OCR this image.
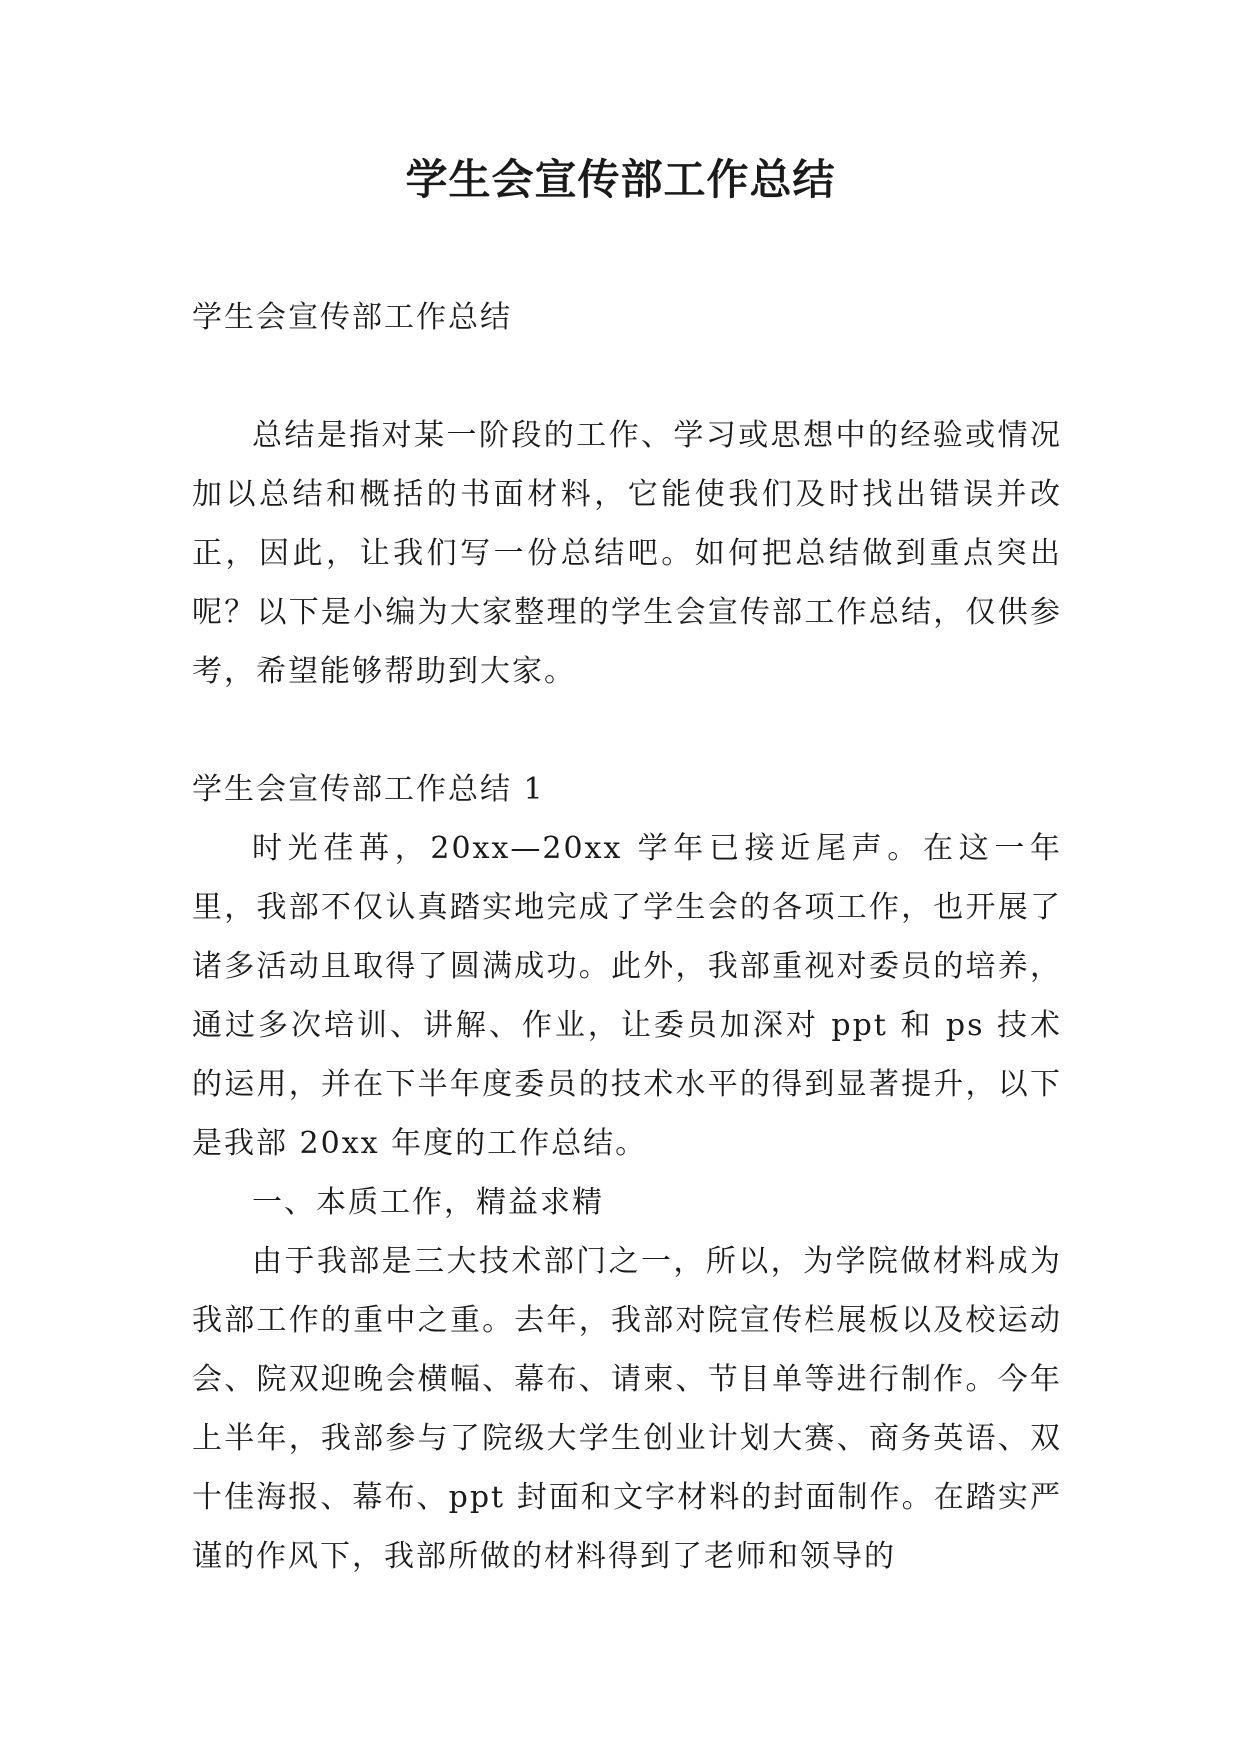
学生会宣传部工作总结

学生会宣传部工作总结

总结是指对某一阶段的工作、学习或思想中的经验或情况加以总结和概括的书面材料，它能使我们及时找出错误并改正，因此，让我们写一份总结吧。如何把总结做到重点突出呢？以下是小编为大家整理的学生会宣传部工作总结，仅供参考，希望能够帮助到大家。

学生会宣传部工作总结 1

时光荏苒，20xx—20xx 学年已接近尾声。在这一年里，我部不仅认真踏实地完成了学生会的各项工作，也开展了诸多活动且取得了圆满成功。此外，我部重视对委员的培养，通过多次培训、讲解、作业，让委员加深对 ppt 和 ps 技术的运用，并在下半年度委员的技术水平的得到显著提升，以下是我部 20xx 年度的工作总结。

一、本质工作，精益求精

由于我部是三大技术部门之一，所以，为学院做材料成为我部工作的重中之重。去年，我部对院宣传栏展板以及校运动会、院双迎晚会横幅、幕布、请柬、节目单等进行制作。今年上半年，我部参与了院级大学生创业计划大赛、商务英语、双十佳海报、幕布、ppt 封面和文字材料的封面制作。在踏实严谨的作风下，我部所做的材料得到了老师和领导的
